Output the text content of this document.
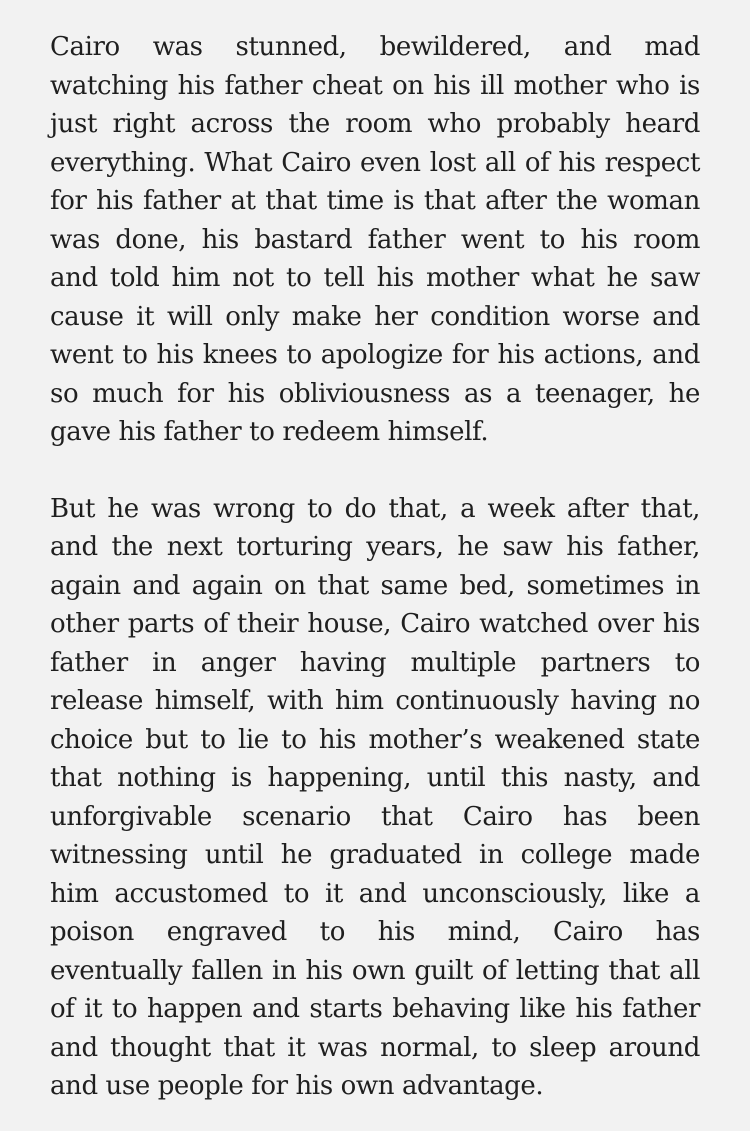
Cairo was stunned, bewildered, and mad
watching his father cheat on his ill mother who is
just right across the room who probably heard
everything. What Cairo even lost all of his respect
for his father at that time is that after the woman
was done, his bastard father went to his room
and told him not to tell his mother what he saw
cause it will only make her condition worse and
went to his knees to apologize for his actions, and
so much for his obliviousness as a teenager, he
gave his father to redeem himself.

But he was wrong to do that, a week after that,
and the next torturing years, he saw his father,
again and again on that same bed, sometimes in
other parts of their house, Cairo watched over his
father in anger having multiple partners to
release himself, with him continuously having no
choice but to lie to his mother’s weakened state
that nothing is happening, until this nasty, and
unforgivable scenario that Cairo has been
witnessing until he graduated in college made
him accustomed to it and unconsciously, like a
poison engraved to his mind, Cairo has
eventually fallen in his own guilt of letting that all
of it to happen and starts behaving like his father
and thought that it was normal, to sleep around
and use people for his own advantage.
